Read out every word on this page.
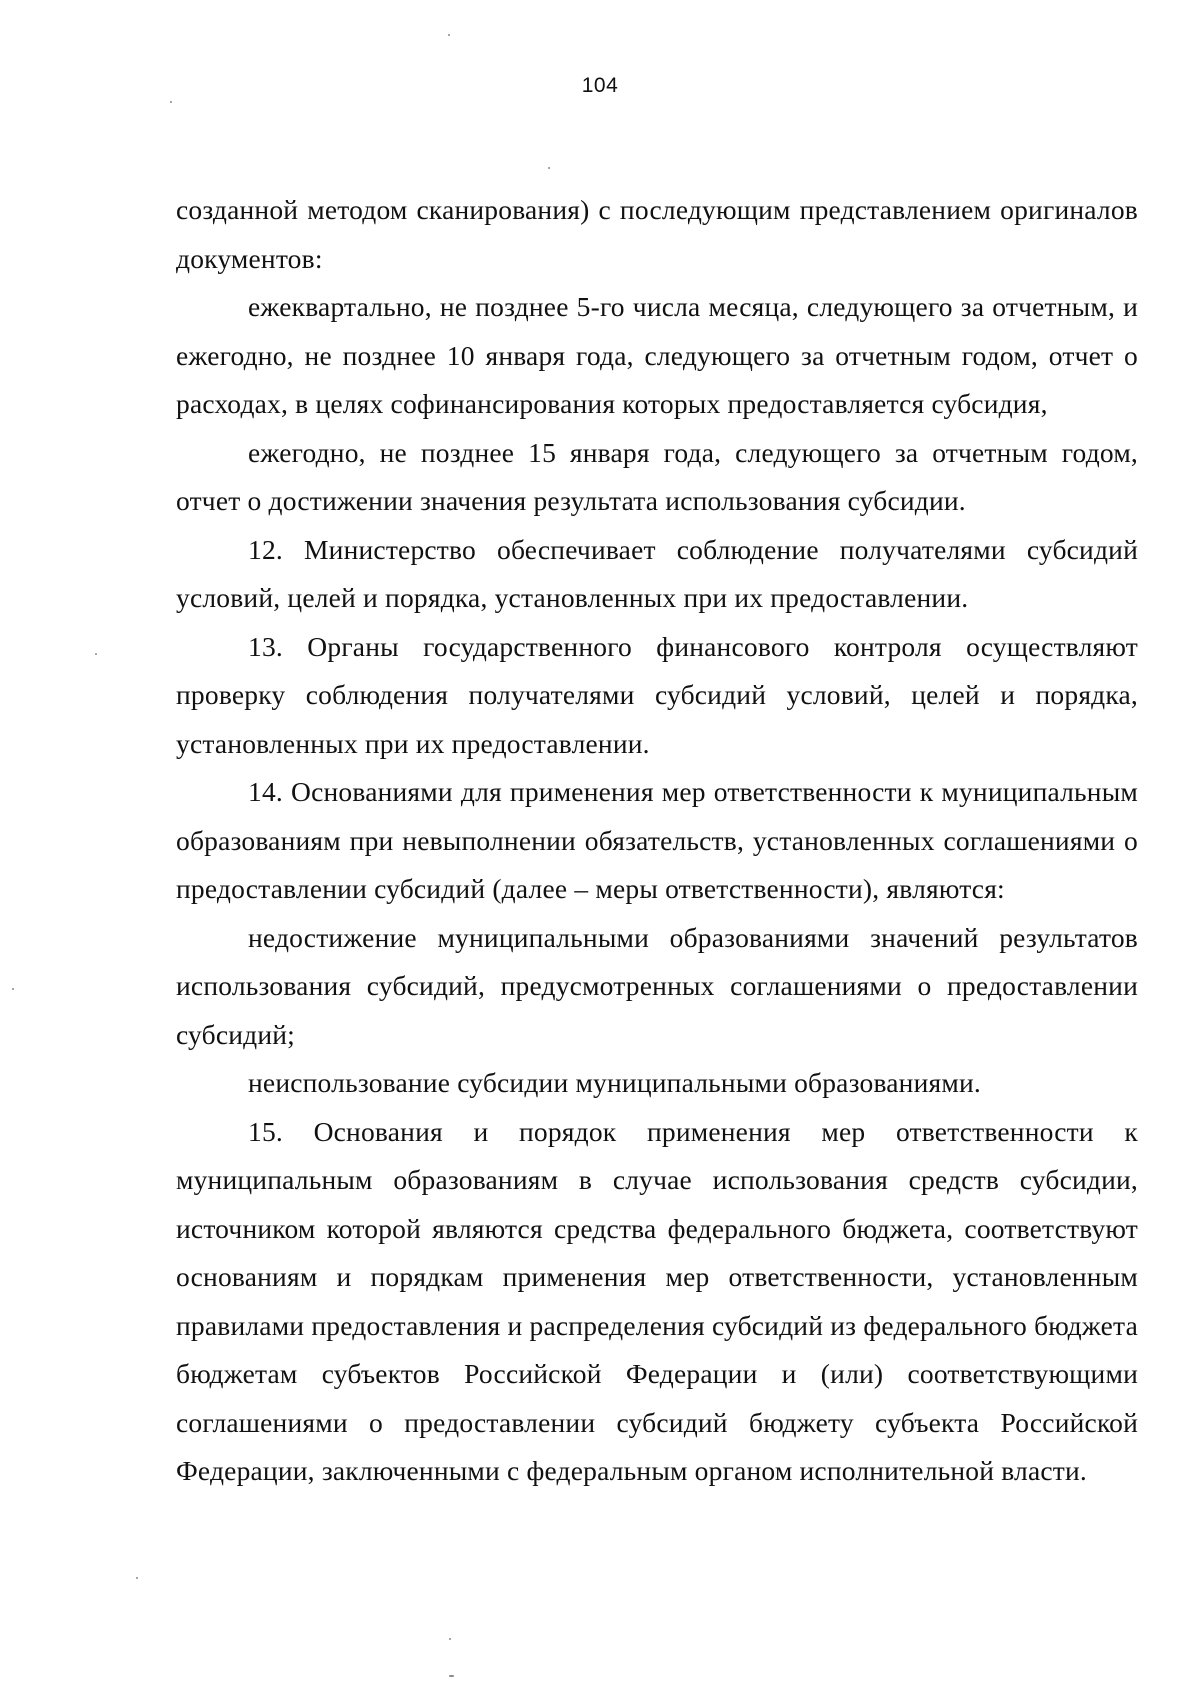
104

созданной методом сканирования) с последующим представлением оригиналов документов:

ежеквартально, не позднее 5-го числа месяца, следующего за отчетным, и ежегодно, не позднее 10 января года, следующего за отчетным годом, отчет о расходах, в целях софинансирования которых предоставляется субсидия,

ежегодно, не позднее 15 января года, следующего за отчетным годом, отчет о достижении значения результата использования субсидии.

12. Министерство обеспечивает соблюдение получателями субсидий условий, целей и порядка, установленных при их предоставлении.

13. Органы государственного финансового контроля осуществляют проверку соблюдения получателями субсидий условий, целей и порядка, установленных при их предоставлении.

14. Основаниями для применения мер ответственности к муниципальным образованиям при невыполнении обязательств, установленных соглашениями о предоставлении субсидий (далее – меры ответственности), являются:

недостижение муниципальными образованиями значений результатов использования субсидий, предусмотренных соглашениями о предоставлении субсидий;

неиспользование субсидии муниципальными образованиями.

15. Основания и порядок применения мер ответственности к муниципальным образованиям в случае использования средств субсидии, источником которой являются средства федерального бюджета, соответствуют основаниям и порядкам применения мер ответственности, установленным правилами предоставления и распределения субсидий из федерального бюджета бюджетам субъектов Российской Федерации и (или) соответствующими соглашениями о предоставлении субсидий бюджету субъекта Российской Федерации, заключенными с федеральным органом исполнительной власти.
